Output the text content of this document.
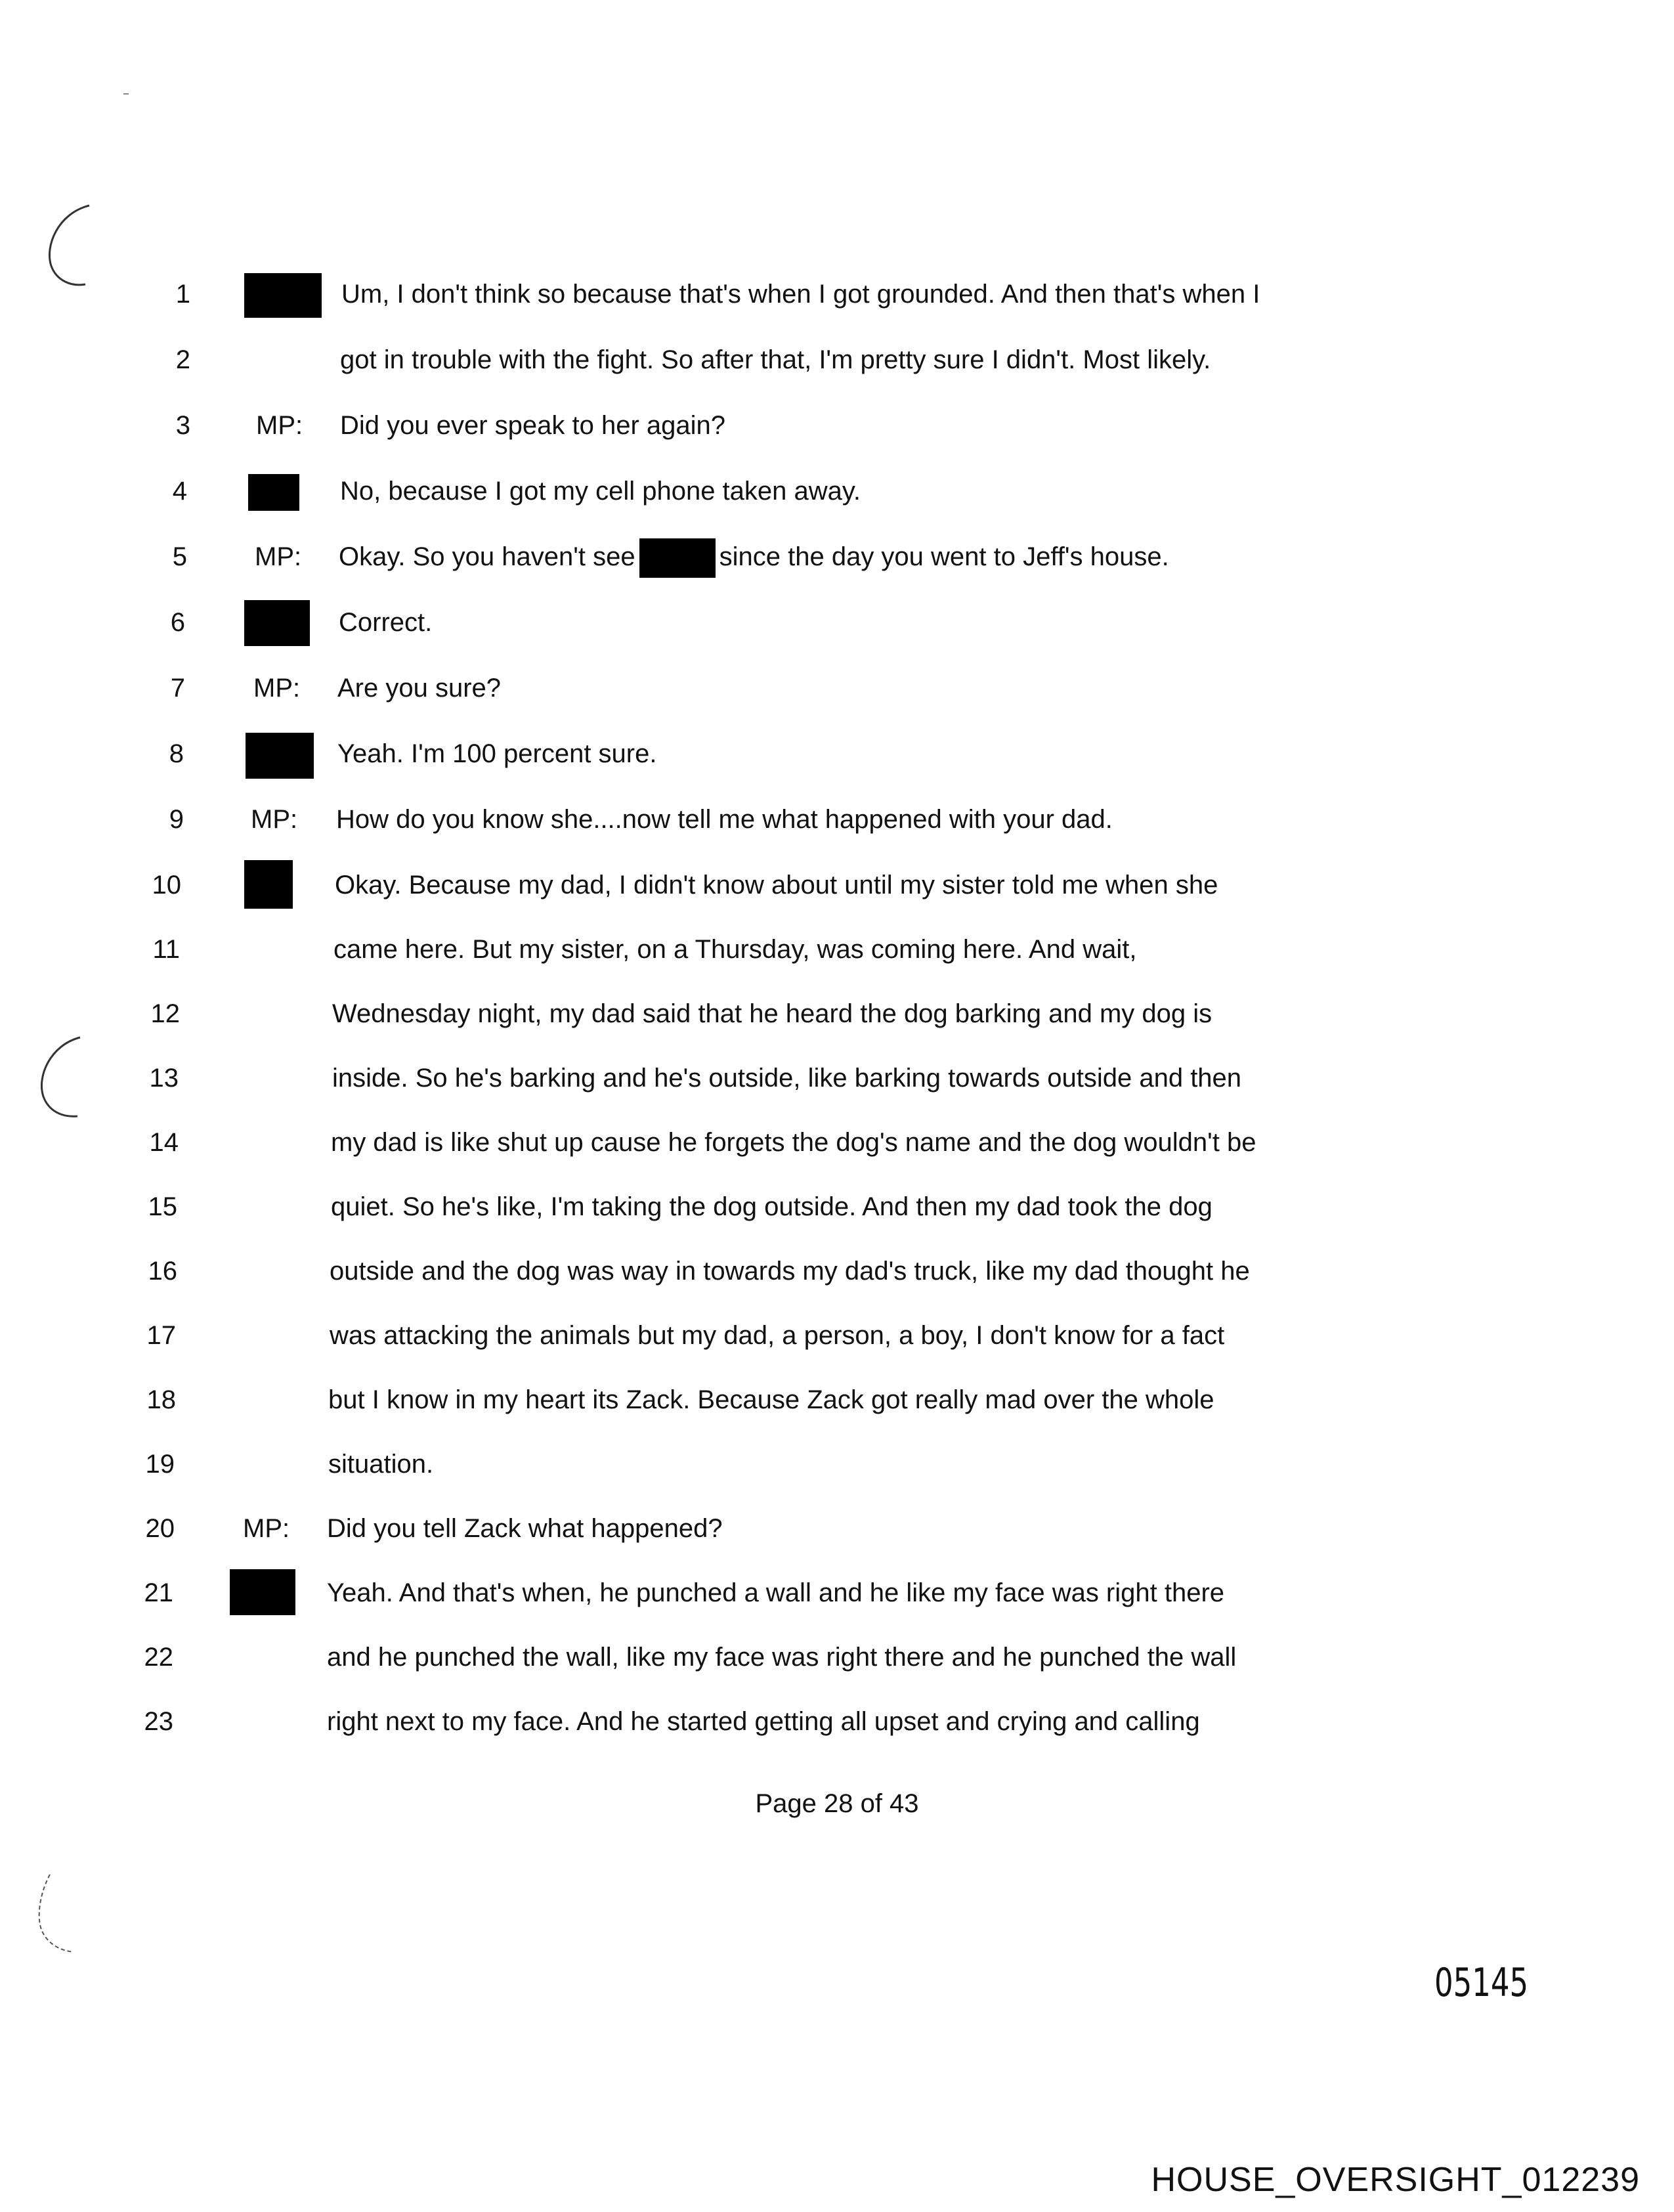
1	Um, I don't think so because that's when I got grounded. And then that's when I
2	got in trouble with the fight. So after that, I'm pretty sure I didn't. Most likely.
3	MP: Did you ever speak to her again?
4	No, because I got my cell phone taken away.
5	MP: Okay. So you haven't see	since the day you went to Jeff's house.
6	Correct.
7	MP: Are you sure?
8	Yeah. I'm 100 percent sure.
9	MP: How do you know she....now tell me what happened with your dad.
10	Okay. Because my dad, I didn't know about until my sister told me when she
11	came here. But my sister, on a Thursday, was coming here. And wait,
12	Wednesday night, my dad said that he heard the dog barking and my dog is
13	inside. So he's barking and he's outside, like barking towards outside and then
14	my dad is like shut up cause he forgets the dog's name and the dog wouldn't be
15	quiet. So he's like, I'm taking the dog outside. And then my dad took the dog
16	outside and the dog was way in towards my dad's truck, like my dad thought he
17	was attacking the animals but my dad, a person, a boy, I don't know for a fact
18	but I know in my heart its Zack. Because Zack got really mad over the whole
19	situation.
20	MP: Did you tell Zack what happened?
21	Yeah. And that's when, he punched a wall and he like my face was right there
22	and he punched the wall, like my face was right there and he punched the wall
23	right next to my face. And he started getting all upset and crying and calling
Page 28 of 43
05145
HOUSE_OVERSIGHT_012239
